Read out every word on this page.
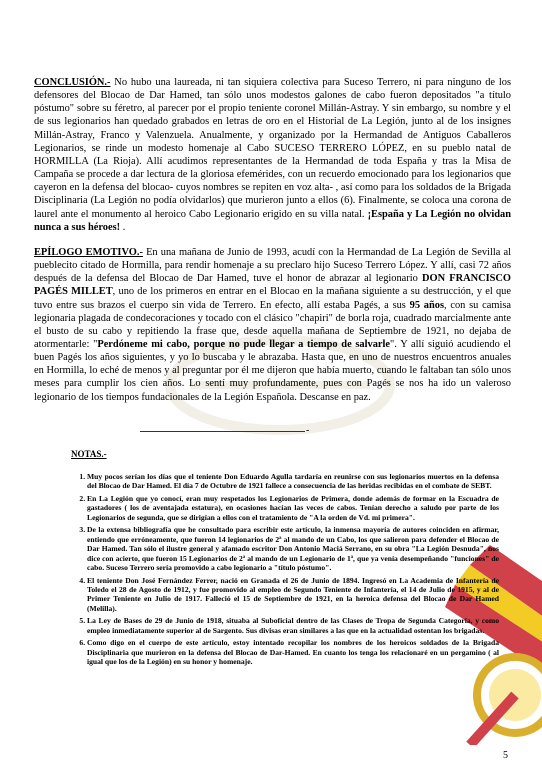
CONCLUSIÓN.- No hubo una laureada, ni tan siquiera colectiva para Suceso Terrero, ni para ninguno de los defensores del Blocao de Dar Hamed, tan sólo unos modestos galones de cabo fueron depositados "a título póstumo" sobre su féretro, al parecer por el propio teniente coronel Millán-Astray. Y sin embargo, su nombre y el de sus legionarios han quedado grabados en letras de oro en el Historial de La Legión, junto al de los insignes Millán-Astray, Franco y Valenzuela. Anualmente, y organizado por la Hermandad de Antiguos Caballeros Legionarios, se rinde un modesto homenaje al Cabo SUCESO TERRERO LÓPEZ, en su pueblo natal de HORMILLA (La Rioja). Allí acudimos representantes de la Hermandad de toda España y tras la Misa de Campaña se procede a dar lectura de la gloriosa efemérides, con un recuerdo emocionado para los legionarios que cayeron en la defensa del blocao- cuyos nombres se repiten en voz alta- , así como para los soldados de la Brigada Disciplinaria (La Legión no podía olvidarlos) que murieron junto a ellos (6). Finalmente, se coloca una corona de laurel ante el monumento al heroico Cabo Legionario erigido en su villa natal. ¡España y La Legión no olvidan nunca a sus héroes! .

EPÍLOGO EMOTIVO.- En una mañana de Junio de 1993, acudí con la Hermandad de La Legión de Sevilla al pueblecito citado de Hormilla, para rendir homenaje a su preclaro hijo Suceso Terrero López. Y allí, casi 72 años después de la defensa del Blocao de Dar Hamed, tuve el honor de abrazar al legionario DON FRANCISCO PAGÉS MILLET, uno de los primeros en entrar en el Blocao en la mañana siguiente a su destrucción, y el que tuvo entre sus brazos el cuerpo sin vida de Terrero. En efecto, allí estaba Pagés, a sus 95 años, con su camisa legionaria plagada de condecoraciones y tocado con el clásico "chapiri" de borla roja, cuadrado marcialmente ante el busto de su cabo y repitiendo la frase que, desde aquella mañana de Septiembre de 1921, no dejaba de atormentarle: "Perdóneme mi cabo, porque no pude llegar a tiempo de salvarle". Y allí siguió acudiendo el buen Pagés los años siguientes, y yo lo buscaba y le abrazaba. Hasta que, en uno de nuestros encuentros anuales en Hormilla, lo eché de menos y al preguntar por él me dijeron que había muerto, cuando le faltaban tan sólo unos meses para cumplir los cien años. Lo sentí muy profundamente, pues con Pagés se nos ha ido un valeroso legionario de los tiempos fundacionales de la Legión Española. Descanse en paz.

-
NOTAS.-
1. Muy pocos serían los días que el teniente Don Eduardo Agulla tardaría en reunirse con sus legionarios muertos en la defensa del Blocao de Dar Hamed. El día 7 de Octubre de 1921 fallece a consecuencia de las heridas recibidas en el combate de SEBT.
2. En La Legión que yo conocí, eran muy respetados los Legionarios de Primera, donde además de formar en la Escuadra de gastadores ( los de aventajada estatura), en ocasiones hacían las veces de cabos. Tenían derecho a saludo por parte de los Legionarios de segunda, que se dirigían a ellos con el tratamiento de "A la orden de Vd. mi primera".
3. De la extensa bibliografía que he consultado para escribir este artículo, la inmensa mayoría de autores coinciden en afirmar, entiendo que erróneamente, que fueron 14 legionarios de 2ª al mando de un Cabo, los que salieron para defender el Blocao de Dar Hamed. Tan sólo el ilustre general y afamado escritor Don Antonio Maciá Serrano, en su obra "La Legión Desnuda", nos dice con acierto, que fueron 15 Legionarios de 2ª al mando de un Legionario de 1ª, que ya venía desempeñando "funciones" de cabo. Suceso Terrero sería promovido a cabo legionario a "título póstumo".
4. El teniente Don José Fernández Ferrer, nació en Granada el 26 de Junio de 1894. Ingresó en La Academia de Infantería de Toledo el 28 de Agosto de 1912, y fue promovido al empleo de Segundo Teniente de Infantería, el 14 de Julio de 1915, y al de Primer Teniente en Julio de 1917. Falleció el 15 de Septiembre de 1921, en la heroica defensa del Blocao de Dar Hamed (Melilla).
5. La Ley de Bases de 29 de Junio de 1918, situaba al Suboficial dentro de las Clases de Tropa de Segunda Categoría, y como empleo inmediatamente superior al de Sargento. Sus divisas eran similares a las que en la actualidad ostentan los brigadas.
6. Como digo en el cuerpo de este artículo, estoy intentado recopilar los nombres de los heroicos soldados de la Brigada Disciplinaria que murieron en la defensa del Blocao de Dar-Hamed. En cuanto los tenga los relacionaré en un pergamino ( al igual que los de la Legión) en su honor y homenaje.
5
